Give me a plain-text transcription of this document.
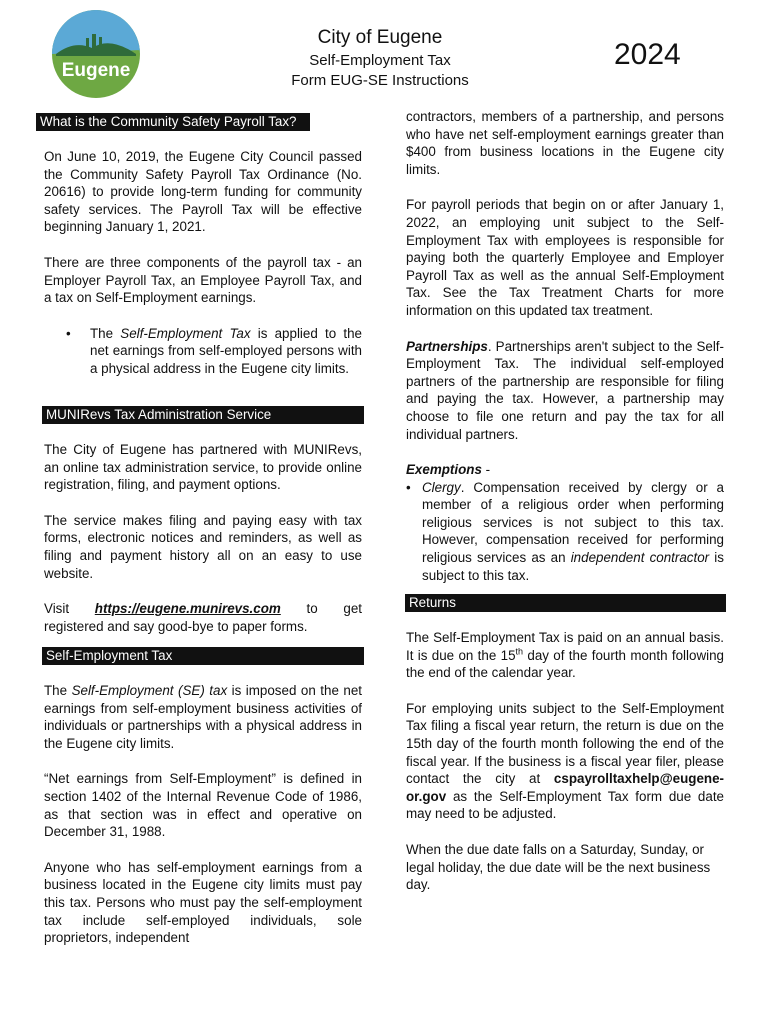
Eugene
City of Eugene
Self-Employment Tax
Form EUG-SE Instructions
2024
What is the Community Safety Payroll Tax?

On June 10, 2019, the Eugene City Council passed the Community Safety Payroll Tax Ordinance (No. 20616) to provide long-term funding for community safety services. The Payroll Tax will be effective beginning January 1, 2021.

There are three components of the payroll tax - an Employer Payroll Tax, an Employee Payroll Tax, and a tax on Self-Employment earnings.

• The Self-Employment Tax is applied to the net earnings from self-employed persons with a physical address in the Eugene city limits.
MUNIRevs Tax Administration Service

The City of Eugene has partnered with MUNIRevs, an online tax administration service, to provide online registration, filing, and payment options.

The service makes filing and paying easy with tax forms, electronic notices and reminders, as well as filing and payment history all on an easy to use website.

Visit https://eugene.munirevs.com to get

registered and say good-bye to paper forms.

Self-Employment Tax

The Self-Employment (SE) tax is imposed on the net earnings from self-employment business activities of individuals or partnerships with a physical address in the Eugene city limits.

“Net earnings from Self-Employment” is defined in section 1402 of the Internal Revenue Code of 1986, as that section was in effect and operative on December 31, 1988.

Anyone who has self-employment earnings from a business located in the Eugene city limits must pay this tax. Persons who must pay the self-employment tax include self-employed individuals, sole proprietors, independent

contractors, members of a partnership, and persons who have net self-employment earnings greater than $400 from business locations in the Eugene city limits.

For payroll periods that begin on or after January 1, 2022, an employing unit subject to the Self-Employment Tax with employees is responsible for paying both the quarterly Employee and Employer Payroll Tax as well as the annual Self-Employment Tax. See the Tax Treatment Charts for more information on this updated tax treatment.

Partnerships. Partnerships aren't subject to the Self-Employment Tax. The individual self-employed partners of the partnership are responsible for filing and paying the tax. However, a partnership may choose to file one return and pay the tax for all individual partners.

Exemptions -

• Clergy. Compensation received by clergy or a member of a religious order when performing religious services is not subject to this tax. However, compensation received for performing religious services as an independent contractor is subject to this tax.
Returns

The Self-Employment Tax is paid on an annual basis. It is due on the 15th day of the fourth month following the end of the calendar year.

For employing units subject to the Self-Employment Tax filing a fiscal year return, the return is due on the 15th day of the fourth month following the end of the fiscal year. If the business is a fiscal year filer, please contact the city at cspayrolltaxhelp@eugene-or.gov as the Self-Employment Tax form due date may need to be adjusted.

When the due date falls on a Saturday, Sunday, or legal holiday, the due date will be the next business day.
